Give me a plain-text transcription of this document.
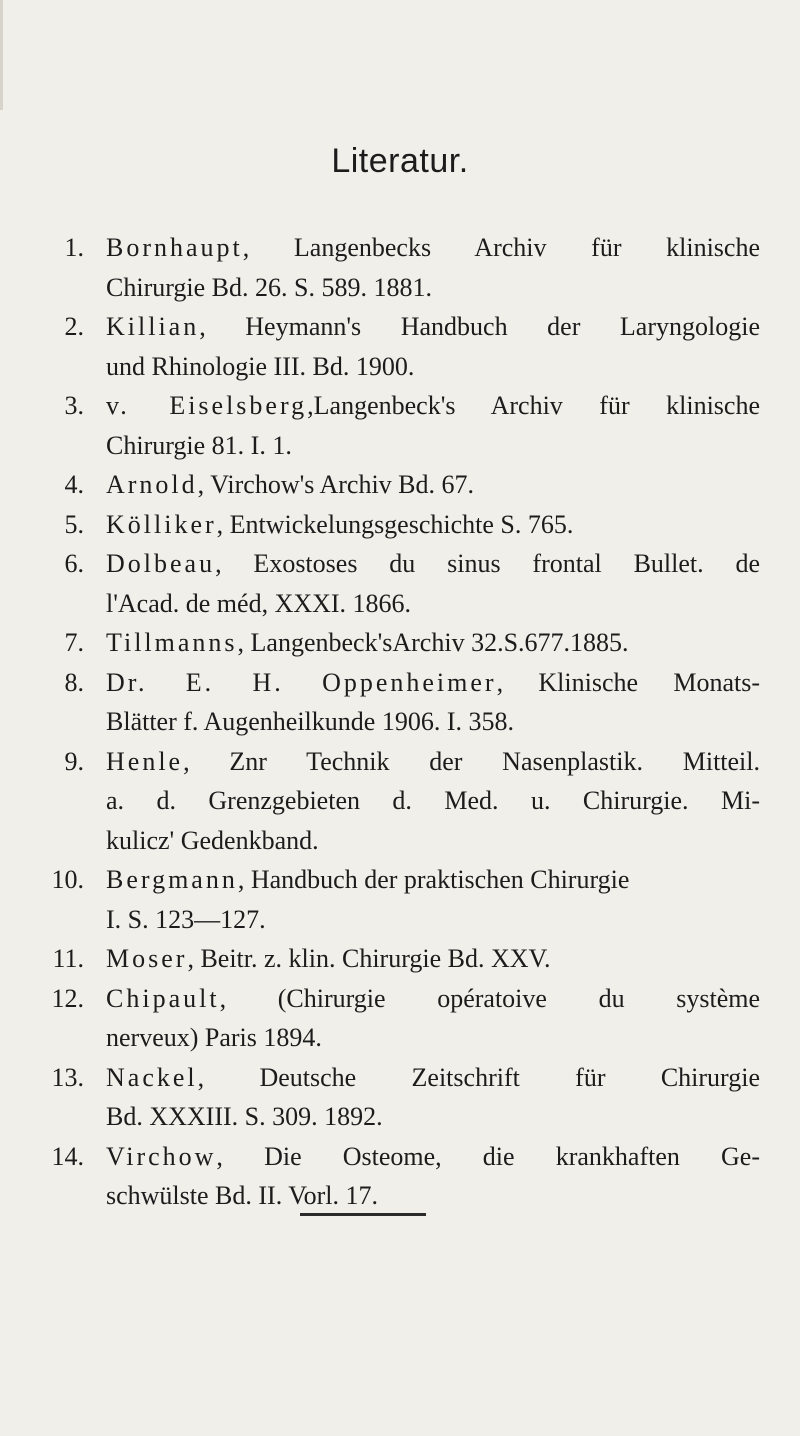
Literatur.
1. Bornhaupt, Langenbecks Archiv für klinische
Chirurgie Bd. 26. S. 589. 1881.
2. Killian, Heymann's Handbuch der Laryngologie
und Rhinologie III. Bd. 1900.
3. v. Eiselsberg,Langenbeck's Archiv für klinische
Chirurgie 81. I. 1.
4. Arnold, Virchow's Archiv Bd. 67.
5. Kölliker, Entwickelungsgeschichte S. 765.
6. Dolbeau, Exostoses du sinus frontal Bullet. de
l'Acad. de méd, XXXI. 1866.
7. Tillmanns, Langenbeck'sArchiv 32.S.677.1885.
8. Dr. E. H. Oppenheimer, Klinische Monats-
Blätter f. Augenheilkunde 1906. I. 358.
9. Henle, Znr Technik der Nasenplastik. Mitteil.
a. d. Grenzgebieten d. Med. u. Chirurgie. Mi-
kulicz' Gedenkband.
10. Bergmann, Handbuch der praktischen Chirurgie
I. S. 123—127.
11. Moser, Beitr. z. klin. Chirurgie Bd. XXV.
12. Chipault, (Chirurgie opératoive du système
nerveux) Paris 1894.
13. Nackel, Deutsche Zeitschrift für Chirurgie
Bd. XXXIII. S. 309. 1892.
14. Virchow, Die Osteome, die krankhaften Ge-
schwülste Bd. II. Vorl. 17.
